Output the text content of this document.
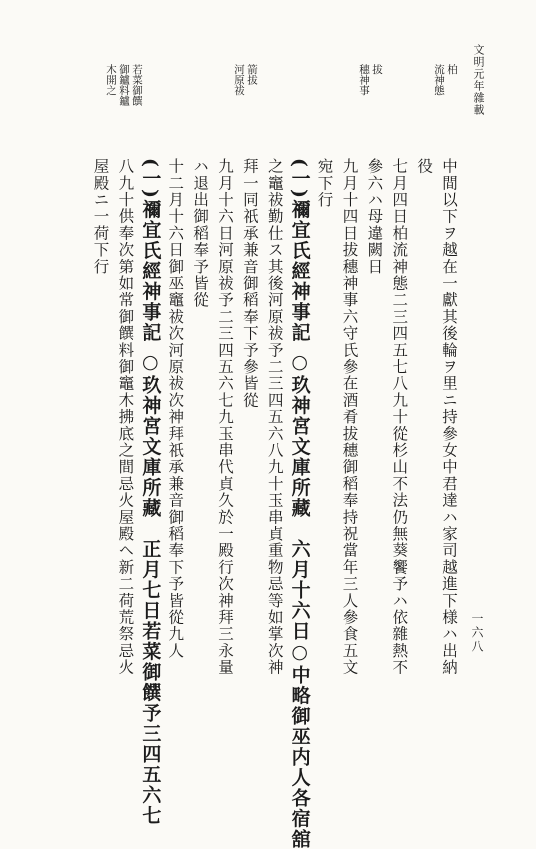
文明元年雜載
一六八
柏
流神態
拔
穗神事
箭拔
河原祓
若菜御饌
御鑪料鑪
木開之
中間以下ヲ越在一獻其後輪ヲ里ニ持參女中君達ハ家司越進下様ハ出納
役
七月四日柏流神態二三四五七八九十從杉山不法仍無葵饗予ハ依雜熱不
參六ハ母違闕日
九月十四日拔穗神事六守氏參在酒肴拔穗御稻奉持祝當年三人參食五文
宛下行
(一)禰宜氏經神事記 ○玖神宮文庫所藏　六月十六日○中略御巫内人各宿舘
之竈祓勤仕ス其後河原祓予二三四五六八九十玉串貞重物忌等如掌次神
拜一同祇承兼音御稻奉下予參皆從
九月十六日河原祓予二三四五六七九玉串代貞久於一殿行次神拜三永量
ハ退出御稻奉予皆從
十二月十六日御巫竈祓次河原祓次神拜祇承兼音御稻奉下予皆從九人
(一)禰宜氏經神事記 ○玖神宮文庫所藏　正月七日若菜御饌予三四五六七
八九十供奉次第如常御饌料御竈木拂底之間忌火屋殿ヘ新二荷荒祭忌火
屋殿ニ一荷下行
